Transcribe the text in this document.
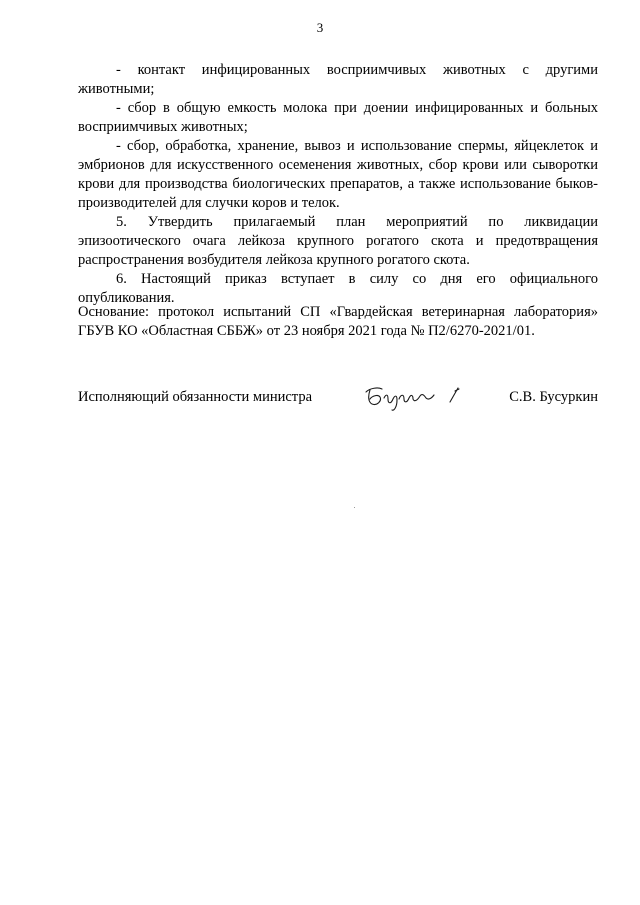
3

- контакт инфицированных восприимчивых животных с другими животными;

- сбор в общую емкость молока при доении инфицированных и больных восприимчивых животных;

- сбор, обработка, хранение, вывоз и использование спермы, яйцеклеток и эмбрионов для искусственного осеменения животных, сбор крови или сыворотки крови для производства биологических препаратов, а также использование быков-производителей для случки коров и телок.

5. Утвердить прилагаемый план мероприятий по ликвидации эпизоотического очага лейкоза крупного рогатого скота и предотвращения распространения возбудителя лейкоза крупного рогатого скота.

6. Настоящий приказ вступает в силу со дня его официального опубликования.

Основание: протокол испытаний СП «Гвардейская ветеринарная лаборатория» ГБУВ КО «Областная СББЖ» от 23 ноября 2021 года № П2/6270-2021/01.

Исполняющий обязанности министра	С.В. Бусуркин
